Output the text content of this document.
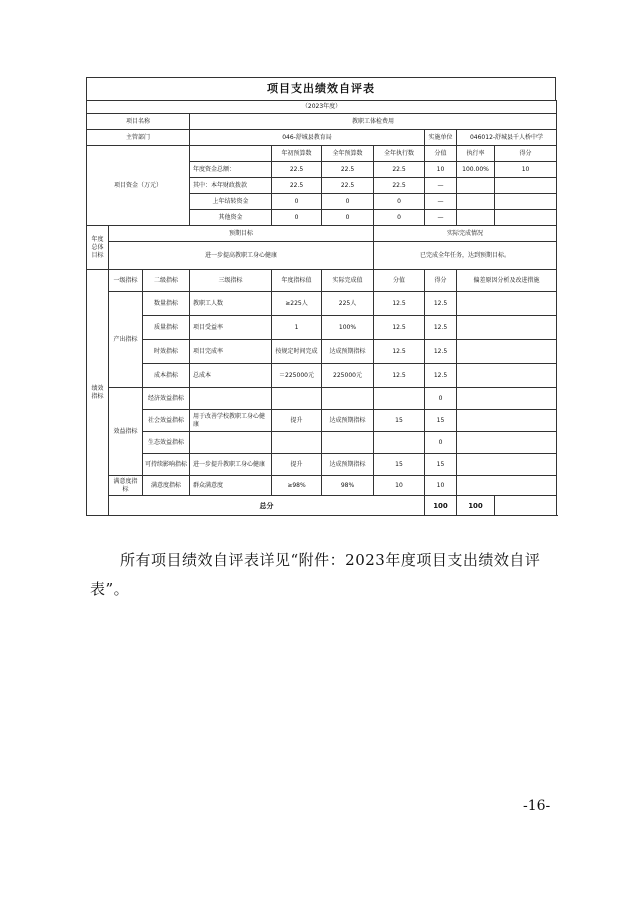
项目支出绩效自评表
（2023年度）									
项目名称			教职工体检费用						
主管部门			046-舒城县教育局				实施单位	046012-舒城县千人桥中学	
项目资金（万元）				年初预算数	全年预算数	全年执行数	分值	执行率	得分
			年度资金总额：	22.5	22.5	22.5	10	100.00%	10
			其中：本年财政拨款	22.5	22.5	22.5	—		
			上年结转资金	0	0	0	—		
			其他资金	0	0	0	—		
年度总体目标	预期目标					实际完成情况			
	进一步提高教职工身心健康					已完成全年任务，达到预期目标。			
绩效指标	一级指标	二级指标	三级指标	年度指标值	实际完成值	分值	得分	偏差原因分析及改进措施	
	产出指标	数量指标	教职工人数	≥225人	225人	12.5	12.5		
		质量指标	项目受益率	1	100%	12.5	12.5		
		时效指标	项目完成率	按规定时间完成	达成预期指标	12.5	12.5		
		成本指标	总成本	＝225000元	225000元	12.5	12.5		
	效益指标	经济效益指标					0		
		社会效益指标	用于改善学校教职工身心健康	提升	达成预期指标	15	15		
		生态效益指标					0		
		可持续影响指标	进一步提升教职工身心健康	提升	达成预期指标	15	15		
	满意度指标	满意度指标	群众满意度	≥98%	98%	10	10		
	总分						100	100	
所有项目绩效自评表详见“附件：2023年度项目支出绩效自评表”。
-16-
